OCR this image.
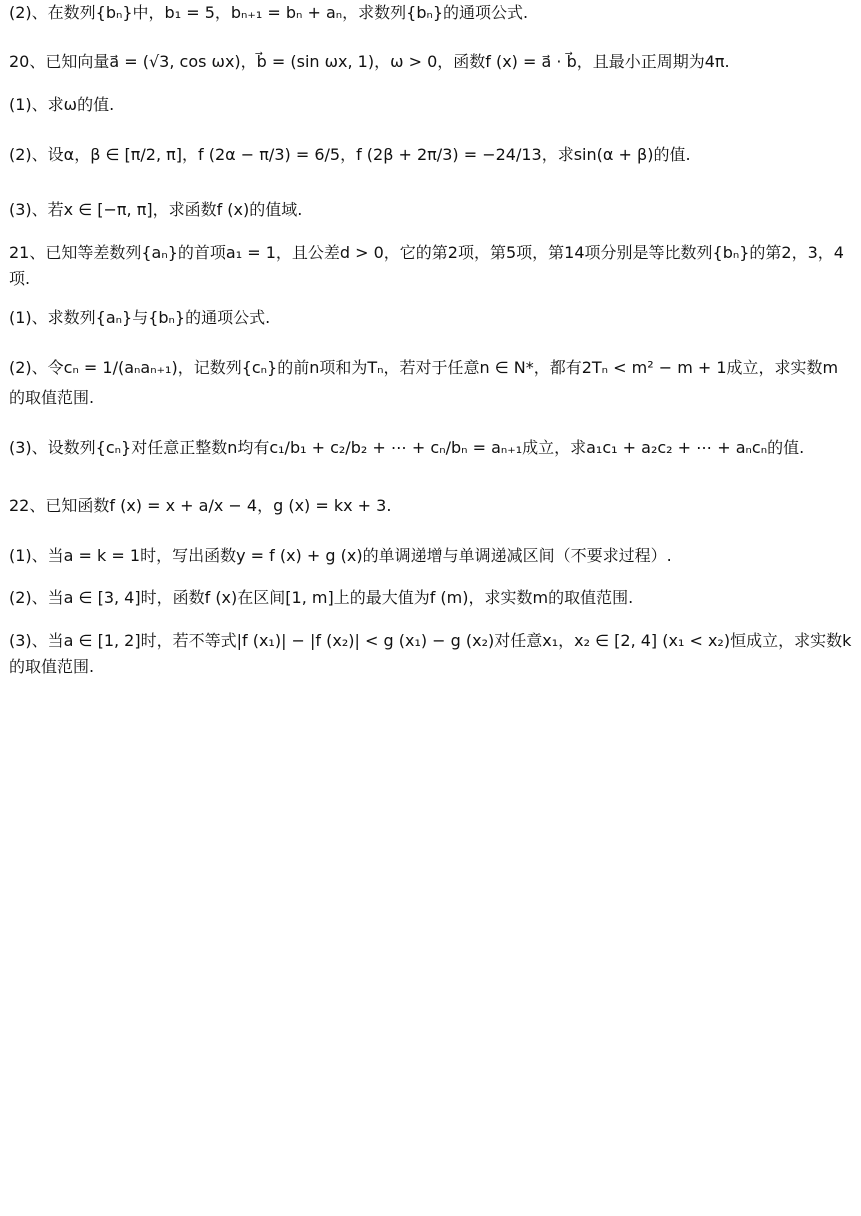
(2)、在数列{bₙ}中，b₁ = 5，bₙ₊₁ = bₙ + aₙ，求数列{bₙ}的通项公式.
20、已知向量a⃗ = (√3, cos ωx)，b⃗ = (sin ωx, 1)，ω > 0，函数f (x) = a⃗ · b⃗，且最小正周期为4π.
(1)、求ω的值.
(2)、设α，β ∈ [π/2, π]，f (2α − π/3) = 6/5，f (2β + 2π/3) = −24/13，求sin(α + β)的值.
(3)、若x ∈ [−π, π]，求函数f (x)的值域.
21、已知等差数列{aₙ}的首项a₁ = 1，且公差d > 0，它的第2项，第5项，第14项分别是等比数列{bₙ}的第2，3，4项.
(1)、求数列{aₙ}与{bₙ}的通项公式.
(2)、令cₙ = 1/(aₙaₙ₊₁)，记数列{cₙ}的前n项和为Tₙ，若对于任意n ∈ N*，都有2Tₙ < m² − m + 1成立，求实数m的取值范围.
(3)、设数列{cₙ}对任意正整数n均有c₁/b₁ + c₂/b₂ + ⋯ + cₙ/bₙ = aₙ₊₁成立，求a₁c₁ + a₂c₂ + ⋯ + aₙcₙ的值.
22、已知函数f (x) = x + a/x − 4，g (x) = kx + 3.
(1)、当a = k = 1时，写出函数y = f (x) + g (x)的单调递增与单调递减区间（不要求过程）.
(2)、当a ∈ [3, 4]时，函数f (x)在区间[1, m]上的最大值为f (m)，求实数m的取值范围.
(3)、当a ∈ [1, 2]时，若不等式|f (x₁)| − |f (x₂)| < g (x₁) − g (x₂)对任意x₁，x₂ ∈ [2, 4] (x₁ < x₂)恒成立，求实数k的取值范围.
